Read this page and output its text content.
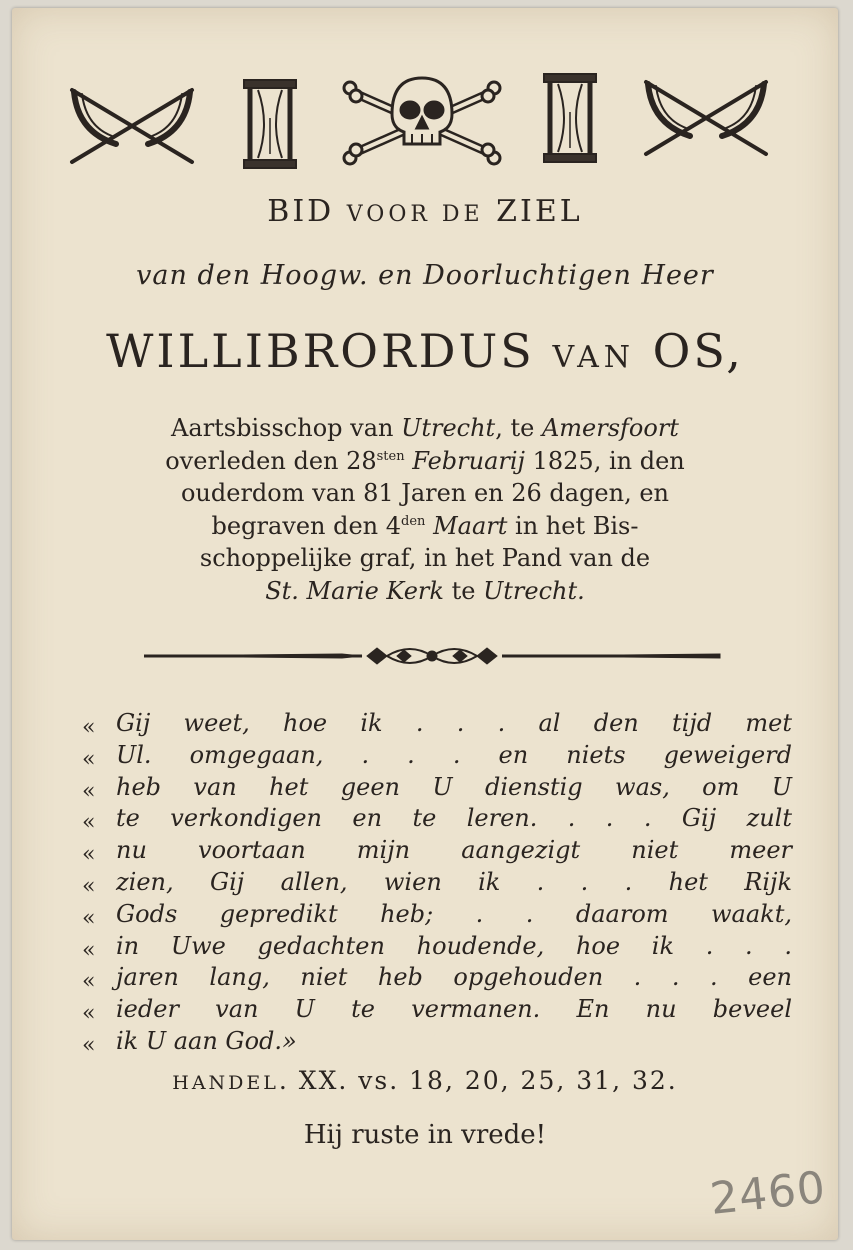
BID VOOR DE ZIEL
van den Hoogw. en Doorluchtigen Heer
WILLIBRORDUS VAN OS,
Aartsbisschop van Utrecht, te Amersfoort
overleden den $28^{sten}$ Februarij 1825, in den
ouderdom van 81 Jaren en 26 dagen, en
begraven den $4^{den}$ Maart in het Bis-
schoppelijke graf, in het Pand van de
St. Marie Kerk te Utrecht.
« Gij weet, hoe ik . . . al den tijd met
« Ul. omgegaan, . . . en niets geweigerd
« heb van het geen U dienstig was, om U
« te verkondigen en te leren. . . . Gij zult
« nu voortaan mijn aangezigt niet meer
« zien, Gij allen, wien ik . . . het Rijk
« Gods gepredikt heb; . . daarom waakt,
« in Uwe gedachten houdende, hoe ik . . .
« jaren lang, niet heb opgehouden . . . een
« ieder van U te vermanen. En nu beveel
« ik U aan God.»
HANDEL. XX. vs. 18, 20, 25, 31, 32.
Hij ruste in vrede!
2460
